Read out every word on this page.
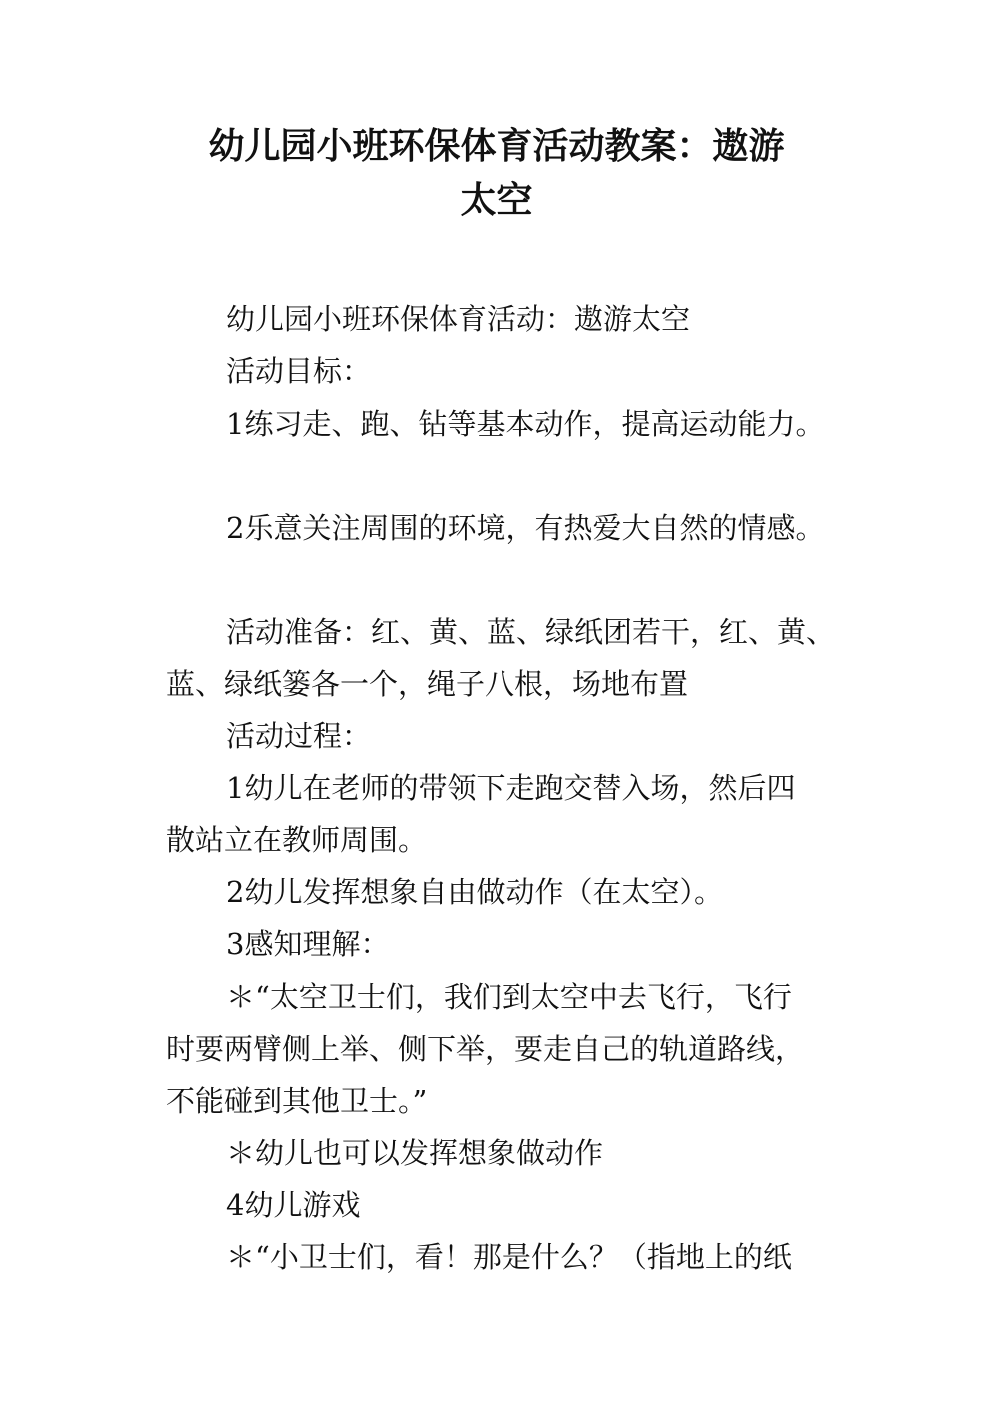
幼儿园小班环保体育活动教案：遨游
太空
幼儿园小班环保体育活动：遨游太空
活动目标：
1练习走、跑、钻等基本动作，提高运动能力。
2乐意关注周围的环境，有热爱大自然的情感。
活动准备：红、黄、蓝、绿纸团若干，红、黄、
蓝、绿纸篓各一个，绳子八根，场地布置
活动过程：
1幼儿在老师的带领下走跑交替入场，然后四
散站立在教师周围。
2幼儿发挥想象自由做动作（在太空）。
3感知理解：
＊“太空卫士们，我们到太空中去飞行，飞行
时要两臂侧上举、侧下举，要走自己的轨道路线，
不能碰到其他卫士。”
＊幼儿也可以发挥想象做动作
4幼儿游戏
＊“小卫士们，看！那是什么？（指地上的纸
